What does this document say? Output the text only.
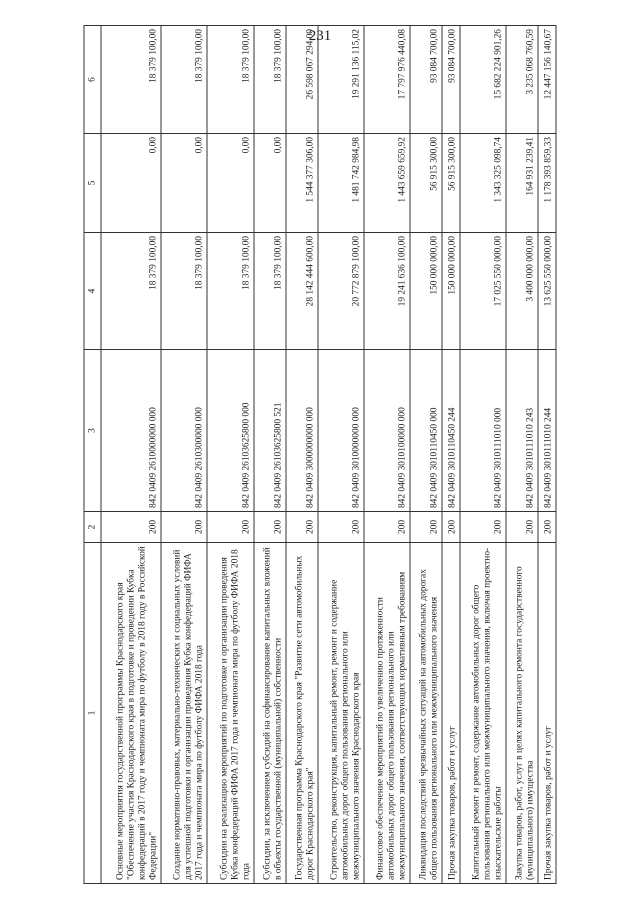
231
1	2	3	4	5	6
Основные мероприятия государственной программы Краснодарского края "Обеспечение участия Краснодарского края в подготовке и проведении Кубка конфедераций в 2017 году и чемпионата мира по футболу в 2018 году в Российской Федерации"	200	842 0409 2610000000 000	18 379 100,00	0,00	18 379 100,00
Создание нормативно-правовых, материально-технических и социальных условий для успешной подготовки и организации проведения Кубка конфедераций ФИФА 2017 года и чемпионата мира по футболу ФИФА 2018 года	200	842 0409 2610300000 000	18 379 100,00	0,00	18 379 100,00
Субсидии на реализацию мероприятий по подготовке и организации проведения Кубка конфедераций ФИФА 2017 года и чемпионата мира по футболу ФИФА 2018 года	200	842 0409 26103625800 000	18 379 100,00	0,00	18 379 100,00
Субсидии, за исключением субсидий на софинансирование капитальных вложений в объекты государственной (муниципальной) собственности	200	842 0409 26103625800 521	18 379 100,00	0,00	18 379 100,00
Государственная программа Краснодарского края "Развитие сети автомобильных дорог Краснодарского края"	200	842 0409 3000000000 000	28 142 444 600,00	1 544 377 306,00	26 598 067 294,00
Строительство, реконструкция, капитальный ремонт, ремонт и содержание автомобильных дорог общего пользования регионального или межмуниципального значения Краснодарского края	200	842 0409 3010000000 000	20 772 879 100,00	1 481 742 984,98	19 291 136 115,02
Финансовое обеспечение мероприятий по увеличению протяженности автомобильных дорог общего пользования регионального или межмуниципального значения, соответствующих нормативным требованиям	200	842 0409 3010100000 000	19 241 636 100,00	1 443 659 659,92	17 797 976 440,08
Ликвидация последствий чрезвычайных ситуаций на автомобильных дорогах общего пользования регионального или межмуниципального значения	200	842 0409 3010110450 000	150 000 000,00	56 915 300,00	93 084 700,00
Прочая закупка товаров, работ и услуг	200	842 0409 3010110450 244	150 000 000,00	56 915 300,00	93 084 700,00
Капитальный ремонт и ремонт, содержание автомобильных дорог общего пользования регионального или межмуниципального значения, включая проектно-изыскательские работы	200	842 0409 3010111010 000	17 025 550 000,00	1 343 325 098,74	15 682 224 901,26
Закупка товаров, работ, услуг в целях капитального ремонта государственного (муниципального) имущества	200	842 0409 3010111010 243	3 400 000 000,00	164 931 239,41	3 235 068 760,59
Прочая закупка товаров, работ и услуг	200	842 0409 3010111010 244	13 625 550 000,00	1 178 393 859,33	12 447 156 140,67
